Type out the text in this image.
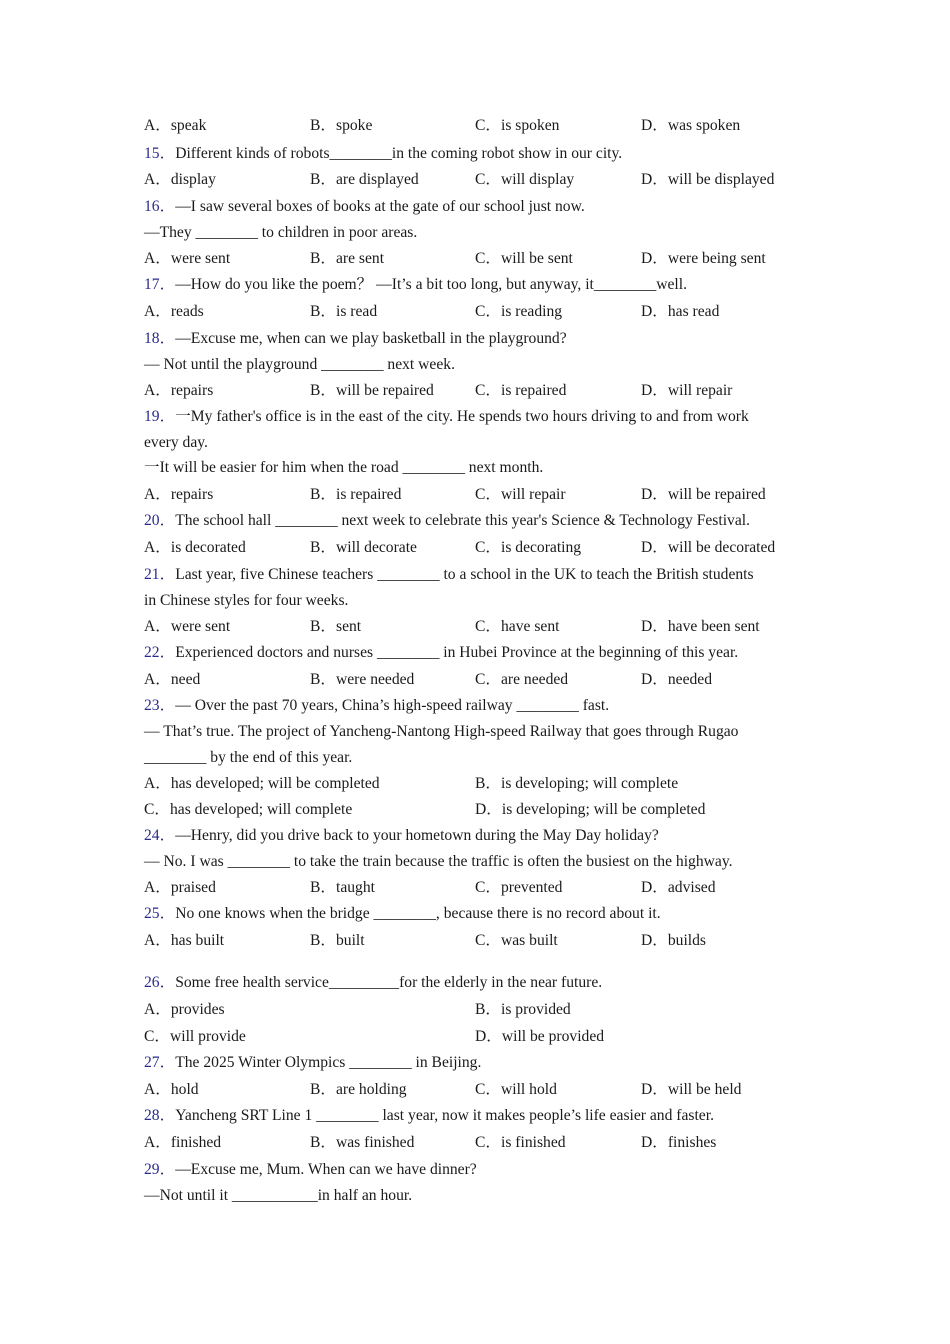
A．speak	B．spoke	C．is spoken	D．was spoken
15．Different kinds of robots________in the coming robot show in our city.
A．display	B．are displayed	C．will display	D．will be displayed
16．—I saw several boxes of books at the gate of our school just now.
—They ________ to children in poor areas.
A．were sent	B．are sent	C．will be sent	D．were being sent
17．—How do you like the poem？ —It’s a bit too long, but anyway, it________well.
A．reads	B．is read	C．is reading	D．has read
18．—Excuse me, when can we play basketball in the playground?
— Not until the playground ________ next week.
A．repairs	B．will be repaired	C．is repaired	D．will repair
19．一My father's office is in the east of the city. He spends two hours driving to and from work
every day.
一It will be easier for him when the road ________ next month.
A．repairs	B．is repaired	C．will repair	D．will be repaired
20．The school hall ________ next week to celebrate this year's Science & Technology Festival.
A．is decorated	B．will decorate	C．is decorating	D．will be decorated
21．Last year, five Chinese teachers ________ to a school in the UK to teach the British students
in Chinese styles for four weeks.
A．were sent	B．sent	C．have sent	D．have been sent
22．Experienced doctors and nurses ________ in Hubei Province at the beginning of this year.
A．need	B．were needed	C．are needed	D．needed
23．— Over the past 70 years, China’s high-speed railway ________ fast.
— That’s true. The project of Yancheng-Nantong High-speed Railway that goes through Rugao
________ by the end of this year.
A．has developed; will be completed	B．is developing; will complete
C．has developed; will complete	D．is developing; will be completed
24．—Henry, did you drive back to your hometown during the May Day holiday?
— No. I was ________ to take the train because the traffic is often the busiest on the highway.
A．praised	B．taught	C．prevented	D．advised
25．No one knows when the bridge ________, because there is no record about it.
A．has built	B．built	C．was built	D．builds
26．Some free health service_________for the elderly in the near future.
A．provides	B．is provided
C．will provide	D．will be provided
27．The 2025 Winter Olympics ________ in Beijing.
A．hold	B．are holding	C．will hold	D．will be held
28．Yancheng SRT Line 1 ________ last year, now it makes people’s life easier and faster.
A．finished	B．was finished	C．is finished	D．finishes
29．—Excuse me, Mum. When can we have dinner?
—Not until it ___________in half an hour.
